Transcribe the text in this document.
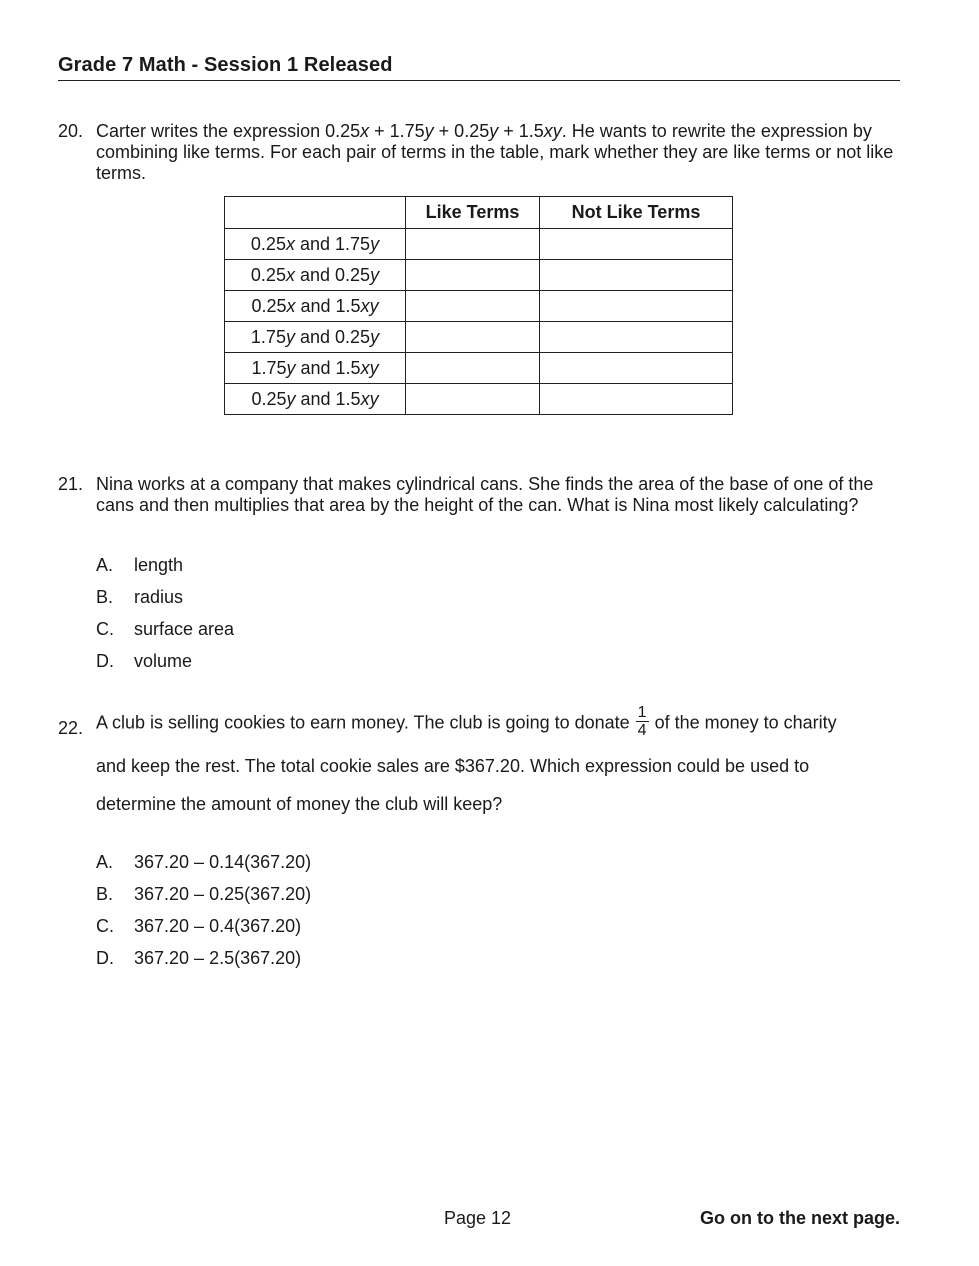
Grade 7 Math - Session 1 Released
20. Carter writes the expression 0.25x + 1.75y + 0.25y + 1.5xy. He wants to rewrite the expression by combining like terms. For each pair of terms in the table, mark whether they are like terms or not like terms.
	Like Terms	Not Like Terms
0.25x and 1.75y		
0.25x and 0.25y		
0.25x and 1.5xy		
1.75y and 0.25y		
1.75y and 1.5xy		
0.25y and 1.5xy		
21. Nina works at a company that makes cylindrical cans. She finds the area of the base of one of the cans and then multiplies that area by the height of the can. What is Nina most likely calculating?
A. length
B. radius
C. surface area
D. volume
22. A club is selling cookies to earn money. The club is going to donate $\frac{1}{4}$ of the money to charity
and keep the rest. The total cookie sales are $367.20. Which expression could be used to
determine the amount of money the club will keep?
A. 367.20 – 0.14(367.20)
B. 367.20 – 0.25(367.20)
C. 367.20 – 0.4(367.20)
D. 367.20 – 2.5(367.20)
Page 12	Go on to the next page.
